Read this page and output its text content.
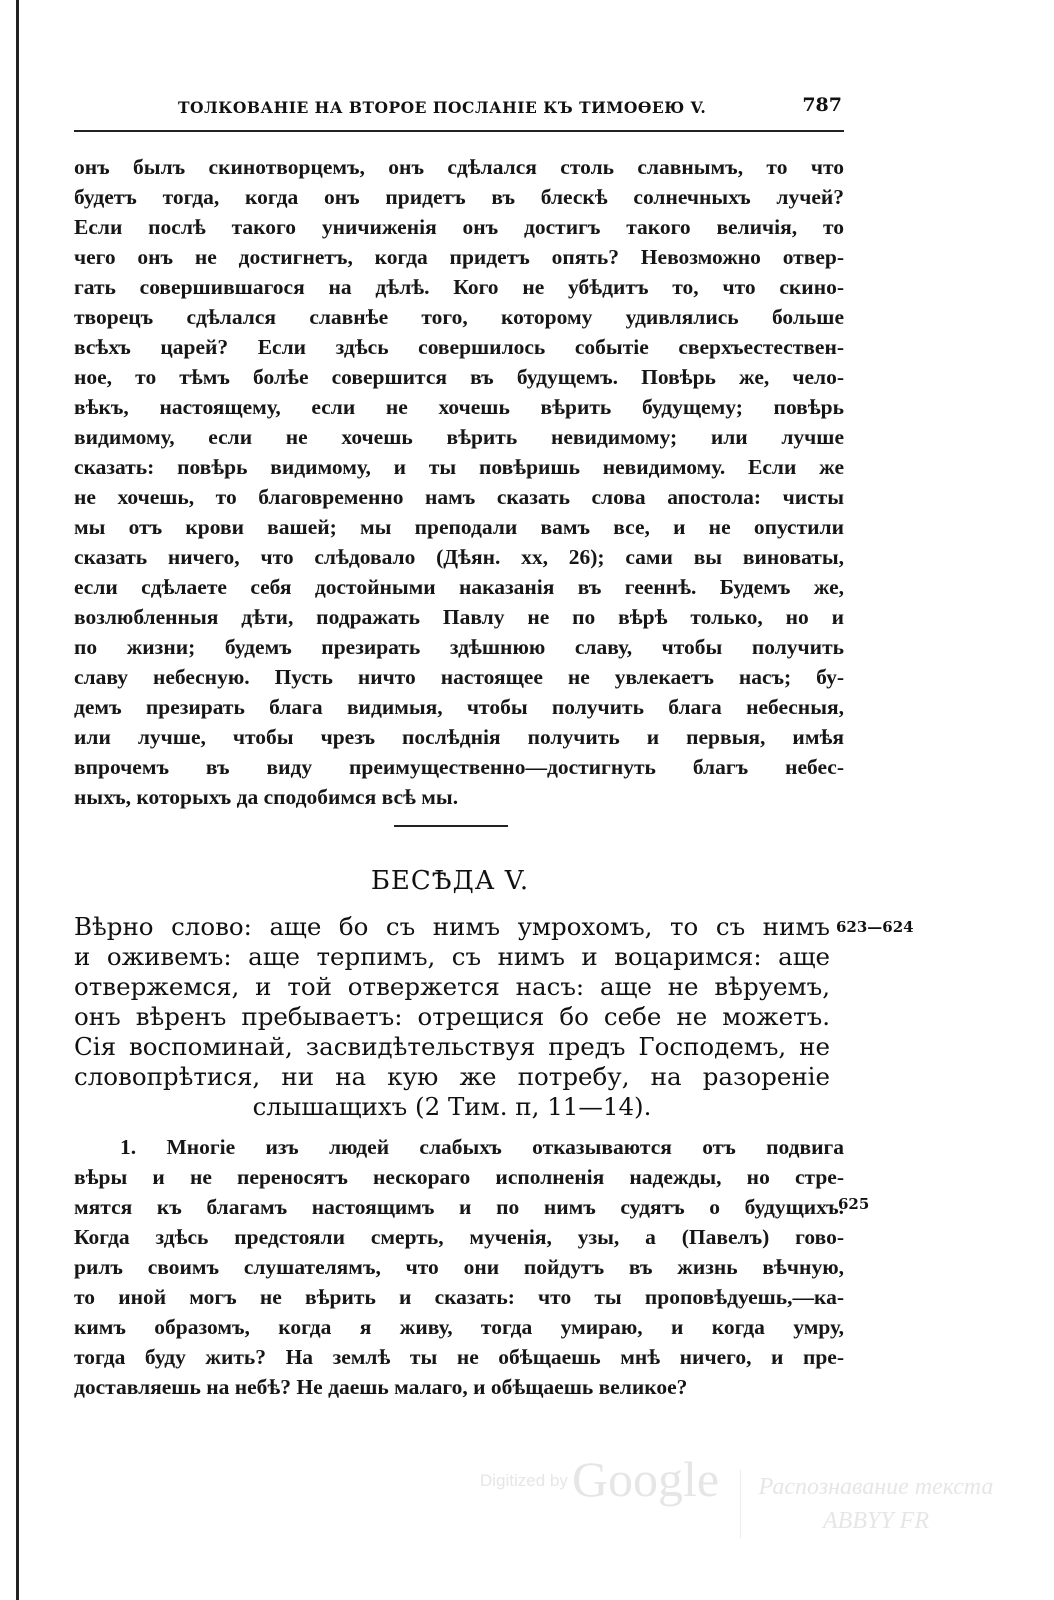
ТОЛКОВАНІЕ НА ВТОРОЕ ПОСЛАНІЕ КЪ ТИМОѲЕЮ V.	787
онъ былъ скинотворцемъ, онъ сдѣлался столь славнымъ, то что
будетъ тогда, когда онъ придетъ въ блескѣ солнечныхъ лучей?
Если послѣ такого уничиженія онъ достигъ такого величія, то
чего онъ не достигнетъ, когда придетъ опять? Невозможно отвер-
гать совершившагося на дѣлѣ. Кого не убѣдитъ то, что скино-
творецъ сдѣлался славнѣе того, которому удивлялись больше
всѣхъ царей? Если здѣсь совершилось событіе сверхъестествен-
ное, то тѣмъ болѣе совершится въ будущемъ. Повѣрь же, чело-
вѣкъ, настоящему, если не хочешь вѣрить будущему; повѣрь
видимому, если не хочешь вѣрить невидимому; или лучше
сказать: повѣрь видимому, и ты повѣришь невидимому. Если же
не хочешь, то благовременно намъ сказать слова апостола: чисты
мы отъ крови вашей; мы преподали вамъ все, и не опустили
сказать ничего, что слѣдовало (Дѣян. xx, 26); сами вы виноваты,
если сдѣлаете себя достойными наказанія въ гееннѣ. Будемъ же,
возлюбленныя дѣти, подражать Павлу не по вѣрѣ только, но и
по жизни; будемъ презирать здѣшнюю славу, чтобы получить
славу небесную. Пусть ничто настоящее не увлекаетъ насъ; бу-
демъ презирать блага видимыя, чтобы получить блага небесныя,
или лучше, чтобы чрезъ послѣднія получить и первыя, имѣя
впрочемъ въ виду преимущественно—достигнуть благъ небес-
ныхъ, которыхъ да сподобимся всѣ мы.
БЕСѢДА V.
Вѣрно слово: аще бо съ нимъ умрохомъ, то съ нимъ
и оживемъ: аще терпимъ, съ нимъ и воцаримся: аще
отвержемся, и той отвержется насъ: аще не вѣруемъ,
онъ вѣренъ пребываетъ: отрещися бо себе не можетъ.
Сія воспоминай, засвидѣтельствуя предъ Господемъ, не
словопрѣтися, ни на кую же потребу, на разореніе
слышащихъ (2 Тим. п, 11—14).
623—624
1. Многіе изъ людей слабыхъ отказываются отъ подвига
вѣры и не переносятъ нескораго исполненія надежды, но стре-
мятся къ благамъ настоящимъ и по нимъ судятъ о будущихъ.
Когда здѣсь предстояли смерть, мученія, узы, а (Павелъ) гово-
рилъ своимъ слушателямъ, что они пойдутъ въ жизнь вѣчную,
то иной могъ не вѣрить и сказать: что ты проповѣдуешь,—ка-
кимъ образомъ, когда я живу, тогда умираю, и когда умру,
тогда буду жить? На землѣ ты не обѣщаешь мнѣ ничего, и пре-
доставляешь на небѣ? Не даешь малаго, и обѣщаешь великое?
625
Digitized by Google	Распознавание текста
ABBYY FR
